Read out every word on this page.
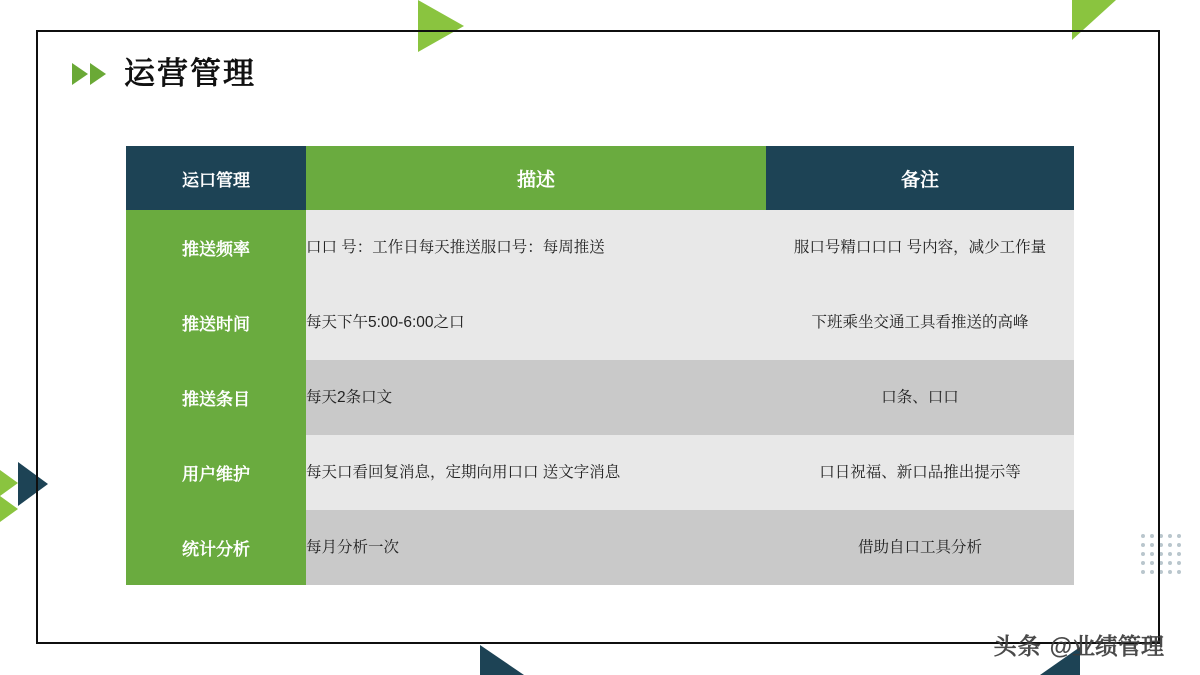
运营管理
运口管理	描述	备注
推送频率	口口 号：工作日每天推送服口号：每周推送	服口号精口口口 号内容，减少工作量
推送时间	每天下午5:00-6:00之口	下班乘坐交通工具看推送的高峰
推送条目	每天2条口文	口条、口口
用户维护	每天口看回复消息，定期向用口口 送文字消息	口日祝福、新口品推出提示等
统计分析	每月分析一次	借助自口工具分析
头条 @业绩管理
